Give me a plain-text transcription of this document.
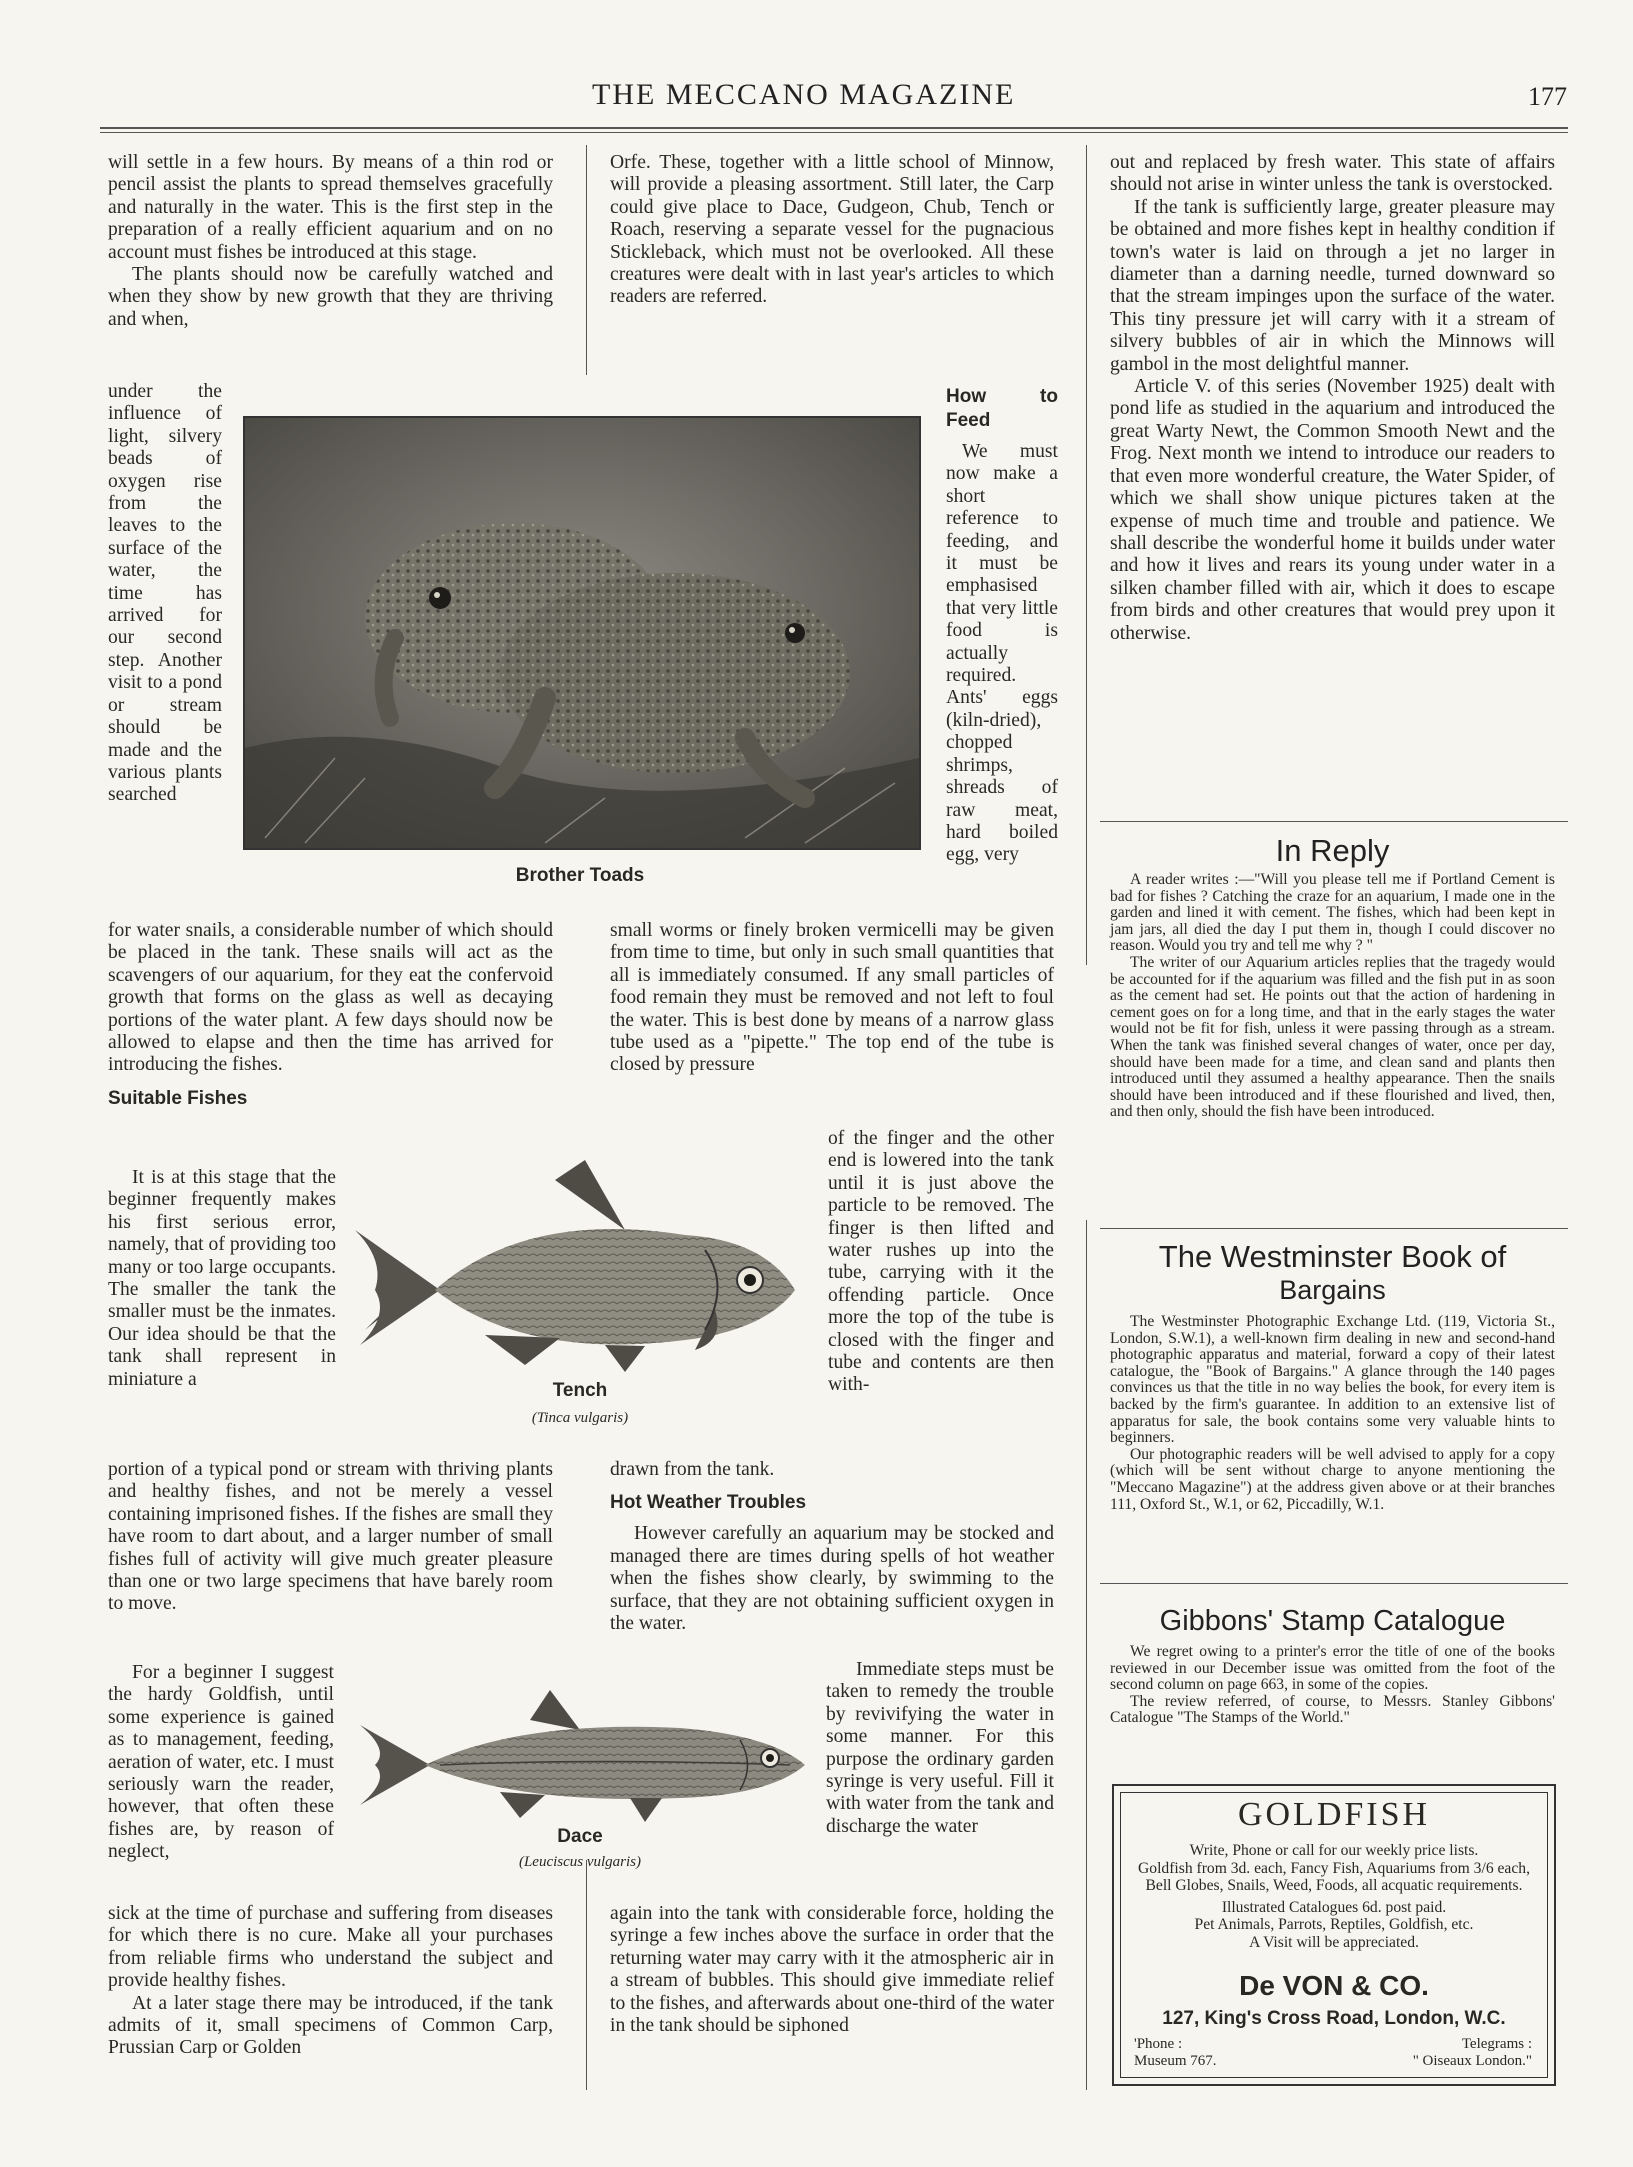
THE MECCANO MAGAZINE	177

will settle in a few hours. By means of a thin rod or pencil assist the plants to spread themselves gracefully and naturally in the water. This is the first step in the preparation of a really efficient aquarium and on no account must fishes be introduced at this stage.

The plants should now be carefully watched and when they show by new growth that they are thriving and when,

under the influence of light, silvery beads of oxygen rise from the leaves to the surface of the water, the time has arrived for our second step. Another visit to a pond or stream should be made and the various plants searched

Brother Toads

Orfe. These, together with a little school of Minnow, will provide a pleasing assortment. Still later, the Carp could give place to Dace, Gudgeon, Chub, Tench or Roach, reserving a separate vessel for the pugnacious Stickleback, which must not be overlooked. All these creatures were dealt with in last year's articles to which readers are referred.

How to Feed

We must now make a short reference to feeding, and it must be emphasised that very little food is actually required. Ants' eggs (kiln-dried), chopped shrimps, shreads of raw meat, hard boiled egg, very

for water snails, a considerable number of which should be placed in the tank. These snails will act as the scavengers of our aquarium, for they eat the confervoid growth that forms on the glass as well as decaying portions of the water plant. A few days should now be allowed to elapse and then the time has arrived for introducing the fishes.

Suitable Fishes

small worms or finely broken vermicelli may be given from time to time, but only in such small quantities that all is immediately consumed. If any small particles of food remain they must be removed and not left to foul the water. This is best done by means of a narrow glass tube used as a "pipette." The top end of the tube is closed by pressure

It is at this stage that the beginner frequently makes his first serious error, namely, that of providing too many or too large occupants. The smaller the tank the smaller must be the inmates. Our idea should be that the tank shall represent in miniature a

Tench
(Tinca vulgaris)

of the finger and the other end is lowered into the tank until it is just above the particle to be removed. The finger is then lifted and water rushes up into the tube, carrying with it the offending particle. Once more the top of the tube is closed with the finger and tube and contents are then with-

portion of a typical pond or stream with thriving plants and healthy fishes, and not be merely a vessel containing imprisoned fishes. If the fishes are small they have room to dart about, and a larger number of small fishes full of activity will give much greater pleasure than one or two large specimens that have barely room to move.

drawn from the tank.

Hot Weather Troubles

However carefully an aquarium may be stocked and managed there are times during spells of hot weather when the fishes show clearly, by swimming to the surface, that they are not obtaining sufficient oxygen in the water.

For a beginner I suggest the hardy Goldfish, until some experience is gained as to management, feeding, aeration of water, etc. I must seriously warn the reader, however, that often these fishes are, by reason of neglect,

Dace
(Leuciscus vulgaris)

Immediate steps must be taken to remedy the trouble by revivifying the water in some manner. For this purpose the ordinary garden syringe is very useful. Fill it with water from the tank and discharge the water

sick at the time of purchase and suffering from diseases for which there is no cure. Make all your purchases from reliable firms who understand the subject and provide healthy fishes.

At a later stage there may be introduced, if the tank admits of it, small specimens of Common Carp, Prussian Carp or Golden

again into the tank with considerable force, holding the syringe a few inches above the surface in order that the returning water may carry with it the atmospheric air in a stream of bubbles. This should give immediate relief to the fishes, and afterwards about one-third of the water in the tank should be siphoned

out and replaced by fresh water. This state of affairs should not arise in winter unless the tank is overstocked.

If the tank is sufficiently large, greater pleasure may be obtained and more fishes kept in healthy condition if town's water is laid on through a jet no larger in diameter than a darning needle, turned downward so that the stream impinges upon the surface of the water. This tiny pressure jet will carry with it a stream of silvery bubbles of air in which the Minnows will gambol in the most delightful manner.

Article V. of this series (November 1925) dealt with pond life as studied in the aquarium and introduced the great Warty Newt, the Common Smooth Newt and the Frog. Next month we intend to introduce our readers to that even more wonderful creature, the Water Spider, of which we shall show unique pictures taken at the expense of much time and trouble and patience. We shall describe the wonderful home it builds under water and how it lives and rears its young under water in a silken chamber filled with air, which it does to escape from birds and other creatures that would prey upon it otherwise.

In Reply

A reader writes :—"Will you please tell me if Portland Cement is bad for fishes ? Catching the craze for an aquarium, I made one in the garden and lined it with cement. The fishes, which had been kept in jam jars, all died the day I put them in, though I could discover no reason. Would you try and tell me why ? "

The writer of our Aquarium articles replies that the tragedy would be accounted for if the aquarium was filled and the fish put in as soon as the cement had set. He points out that the action of hardening in cement goes on for a long time, and that in the early stages the water would not be fit for fish, unless it were passing through as a stream. When the tank was finished several changes of water, once per day, should have been made for a time, and clean sand and plants then introduced until they assumed a healthy appearance. Then the snails should have been introduced and if these flourished and lived, then, and then only, should the fish have been introduced.

The Westminster Book of
Bargains

The Westminster Photographic Exchange Ltd. (119, Victoria St., London, S.W.1), a well-known firm dealing in new and second-hand photographic apparatus and material, forward a copy of their latest catalogue, the "Book of Bargains." A glance through the 140 pages convinces us that the title in no way belies the book, for every item is backed by the firm's guarantee. In addition to an extensive list of apparatus for sale, the book contains some very valuable hints to beginners.

Our photographic readers will be well advised to apply for a copy (which will be sent without charge to anyone mentioning the "Meccano Magazine") at the address given above or at their branches 111, Oxford St., W.1, or 62, Piccadilly, W.1.

Gibbons' Stamp Catalogue

We regret owing to a printer's error the title of one of the books reviewed in our December issue was omitted from the foot of the second column on page 663, in some of the copies.

The review referred, of course, to Messrs. Stanley Gibbons' Catalogue "The Stamps of the World."

GOLDFISH
Write, Phone or call for our weekly price lists.
Goldfish from 3d. each, Fancy Fish, Aquariums from 3/6 each, Bell Globes, Snails, Weed, Foods, all acquatic requirements.
Illustrated Catalogues 6d. post paid.
Pet Animals, Parrots, Reptiles, Goldfish, etc.
A Visit will be appreciated.
De VON & CO.
127, King's Cross Road, London, W.C.
'Phone :
Museum 767.
Telegrams :
" Oiseaux London."
